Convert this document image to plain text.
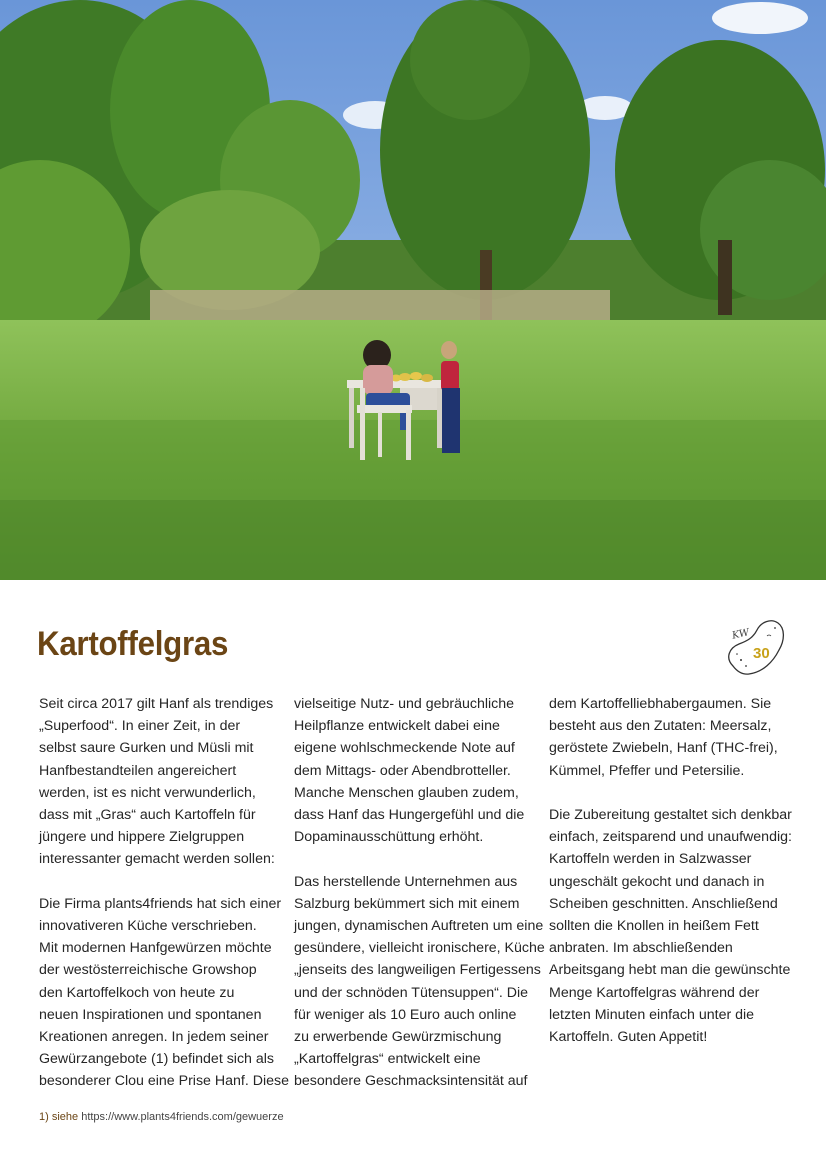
Kartoffelgras	KW
30

Seit circa 2017 gilt Hanf als trendiges
„Superfood“. In einer Zeit, in der
selbst saure Gurken und Müsli mit
Hanfbestandteilen angereichert
werden, ist es nicht verwunderlich,
dass mit „Gras“ auch Kartoffeln für
jüngere und hippere Zielgruppen
interessanter gemacht werden sollen:

Die Firma plants4friends hat sich einer
innovativeren Küche verschrieben.
Mit modernen Hanfgewürzen möchte
der westösterreichische Growshop
den Kartoffelkoch von heute zu
neuen Inspirationen und spontanen
Kreationen anregen. In jedem seiner
Gewürzangebote (1) befindet sich als
besonderer Clou eine Prise Hanf. Diese

vielseitige Nutz- und gebräuchliche
Heilpflanze entwickelt dabei eine
eigene wohlschmeckende Note auf
dem Mittags- oder Abendbrotteller.
Manche Menschen glauben zudem,
dass Hanf das Hungergefühl und die
Dopaminausschüttung erhöht.

Das herstellende Unternehmen aus
Salzburg bekümmert sich mit einem
jungen, dynamischen Auftreten um eine
gesündere, vielleicht ironischere, Küche
„jenseits des langweiligen Fertigessens
und der schnöden Tütensuppen“. Die
für weniger als 10 Euro auch online
zu erwerbende Gewürzmischung
„Kartoffelgras“ entwickelt eine
besondere Geschmacksintensität auf

dem Kartoffelliebhabergaumen. Sie
besteht aus den Zutaten: Meersalz,
geröstete Zwiebeln, Hanf (THC-frei),
Kümmel, Pfeffer und Petersilie.

Die Zubereitung gestaltet sich denkbar
einfach, zeitsparend und unaufwendig:
Kartoffeln werden in Salzwasser
ungeschält gekocht und danach in
Scheiben geschnitten. Anschließend
sollten die Knollen in heißem Fett
anbraten. Im abschließenden
Arbeitsgang hebt man die gewünschte
Menge Kartoffelgras während der
letzten Minuten einfach unter die
Kartoffeln. Guten Appetit!

1) siehe https://www.plants4friends.com/gewuerze
